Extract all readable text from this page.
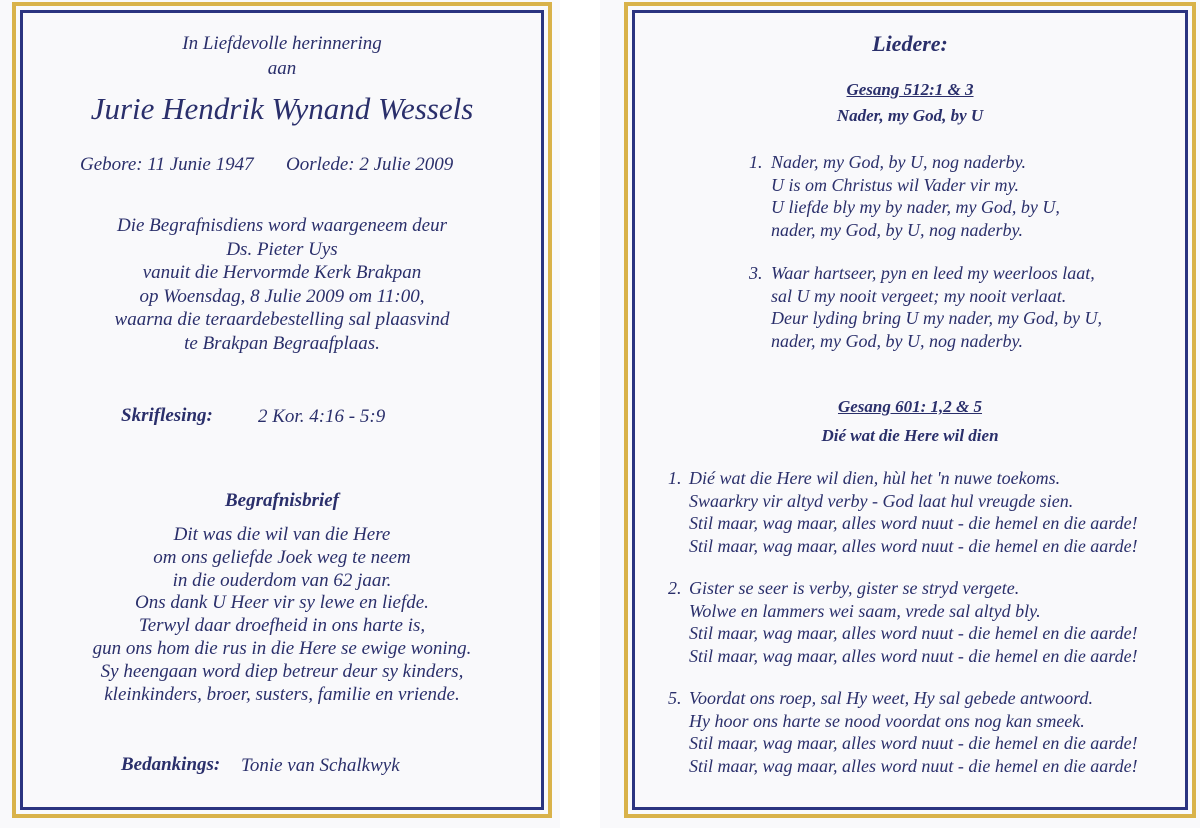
In Liefdevolle herinnering
aan
Jurie Hendrik Wynand Wessels
Gebore: 11 Junie 1947 Oorlede: 2 Julie 2009
Die Begrafnisdiens word waargeneem deur
Ds. Pieter Uys
vanuit die Hervormde Kerk Brakpan
op Woensdag, 8 Julie 2009 om 11:00,
waarna die teraardebestelling sal plaasvind
te Brakpan Begraafplaas.
Skriflesing: 2 Kor. 4:16 - 5:9
Begrafnisbrief
Dit was die wil van die Here
om ons geliefde Joek weg te neem
in die ouderdom van 62 jaar.
Ons dank U Heer vir sy lewe en liefde.
Terwyl daar droefheid in ons harte is,
gun ons hom die rus in die Here se ewige woning.
Sy heengaan word diep betreur deur sy kinders,
kleinkinders, broer, susters, familie en vriende.
Bedankings: Tonie van Schalkwyk
Liedere:
Gesang 512:1 & 3
Nader, my God, by U
1. Nader, my God, by U, nog naderby.
U is om Christus wil Vader vir my.
U liefde bly my by nader, my God, by U,
nader, my God, by U, nog naderby.
3. Waar hartseer, pyn en leed my weerloos laat,
sal U my nooit vergeet; my nooit verlaat.
Deur lyding bring U my nader, my God, by U,
nader, my God, by U, nog naderby.
Gesang 601: 1,2 & 5
Dié wat die Here wil dien
1. Dié wat die Here wil dien, hùl het 'n nuwe toekoms.
Swaarkry vir altyd verby - God laat hul vreugde sien.
Stil maar, wag maar, alles word nuut - die hemel en die aarde!
Stil maar, wag maar, alles word nuut - die hemel en die aarde!
2. Gister se seer is verby, gister se stryd vergete.
Wolwe en lammers wei saam, vrede sal altyd bly.
Stil maar, wag maar, alles word nuut - die hemel en die aarde!
Stil maar, wag maar, alles word nuut - die hemel en die aarde!
5. Voordat ons roep, sal Hy weet, Hy sal gebede antwoord.
Hy hoor ons harte se nood voordat ons nog kan smeek.
Stil maar, wag maar, alles word nuut - die hemel en die aarde!
Stil maar, wag maar, alles word nuut - die hemel en die aarde!
